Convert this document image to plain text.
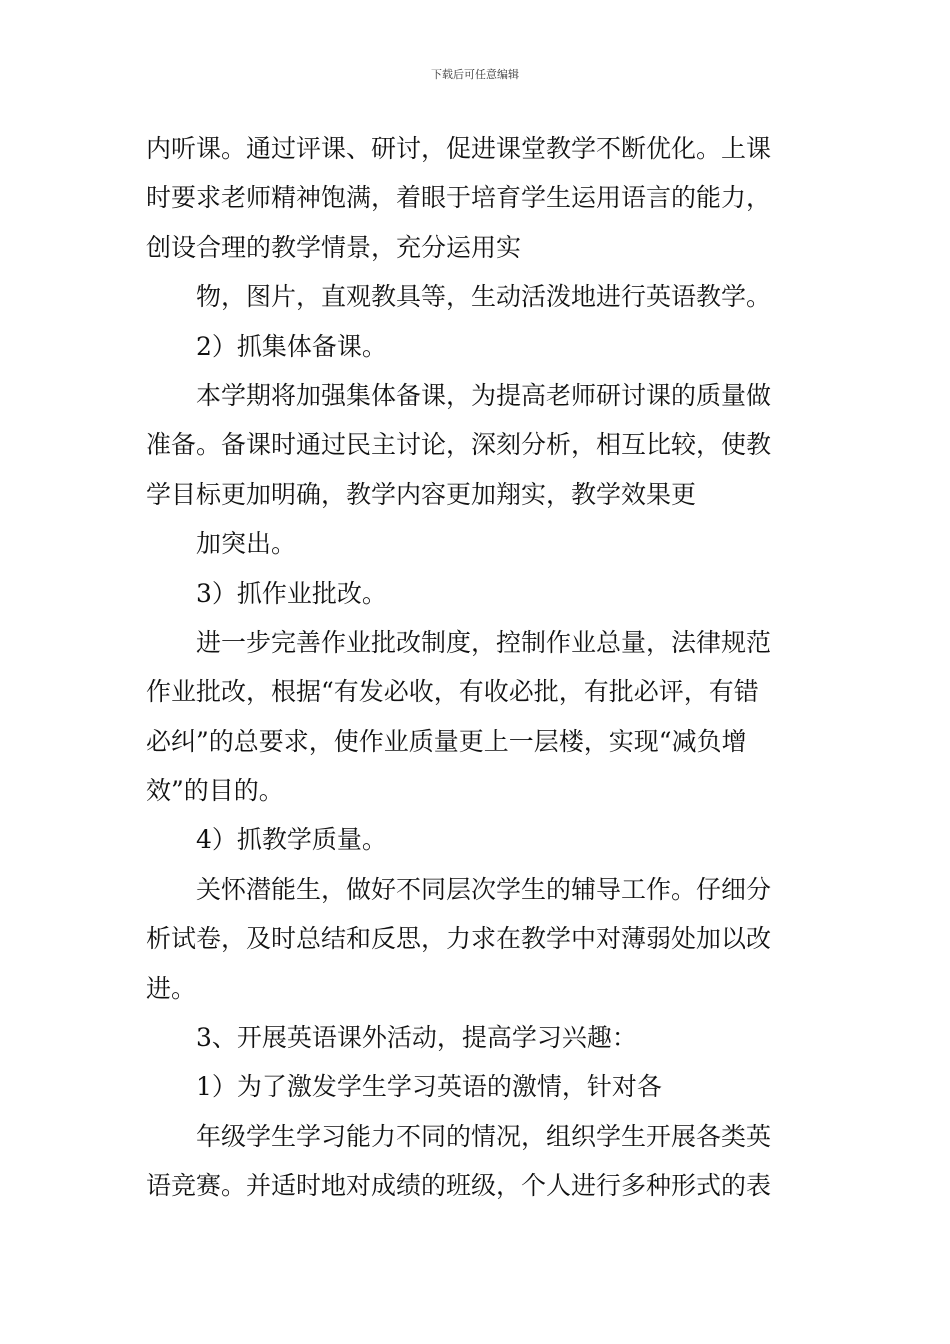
下载后可任意编辑
内听课。通过评课、研讨，促进课堂教学不断优化。上课
时要求老师精神饱满，着眼于培育学生运用语言的能力，
创设合理的教学情景，充分运用实
物，图片，直观教具等，生动活泼地进行英语教学。
2）抓集体备课。
本学期将加强集体备课，为提高老师研讨课的质量做
准备。备课时通过民主讨论，深刻分析，相互比较，使教
学目标更加明确，教学内容更加翔实，教学效果更
加突出。
3）抓作业批改。
进一步完善作业批改制度，控制作业总量，法律规范
作业批改，根据“有发必收，有收必批，有批必评，有错
必纠”的总要求，使作业质量更上一层楼，实现“减负增
效”的目的。
4）抓教学质量。
关怀潜能生，做好不同层次学生的辅导工作。仔细分
析试卷，及时总结和反思，力求在教学中对薄弱处加以改
进。
3、开展英语课外活动，提高学习兴趣：
1）为了激发学生学习英语的激情，针对各
年级学生学习能力不同的情况，组织学生开展各类英
语竞赛。并适时地对成绩的班级，个人进行多种形式的表
